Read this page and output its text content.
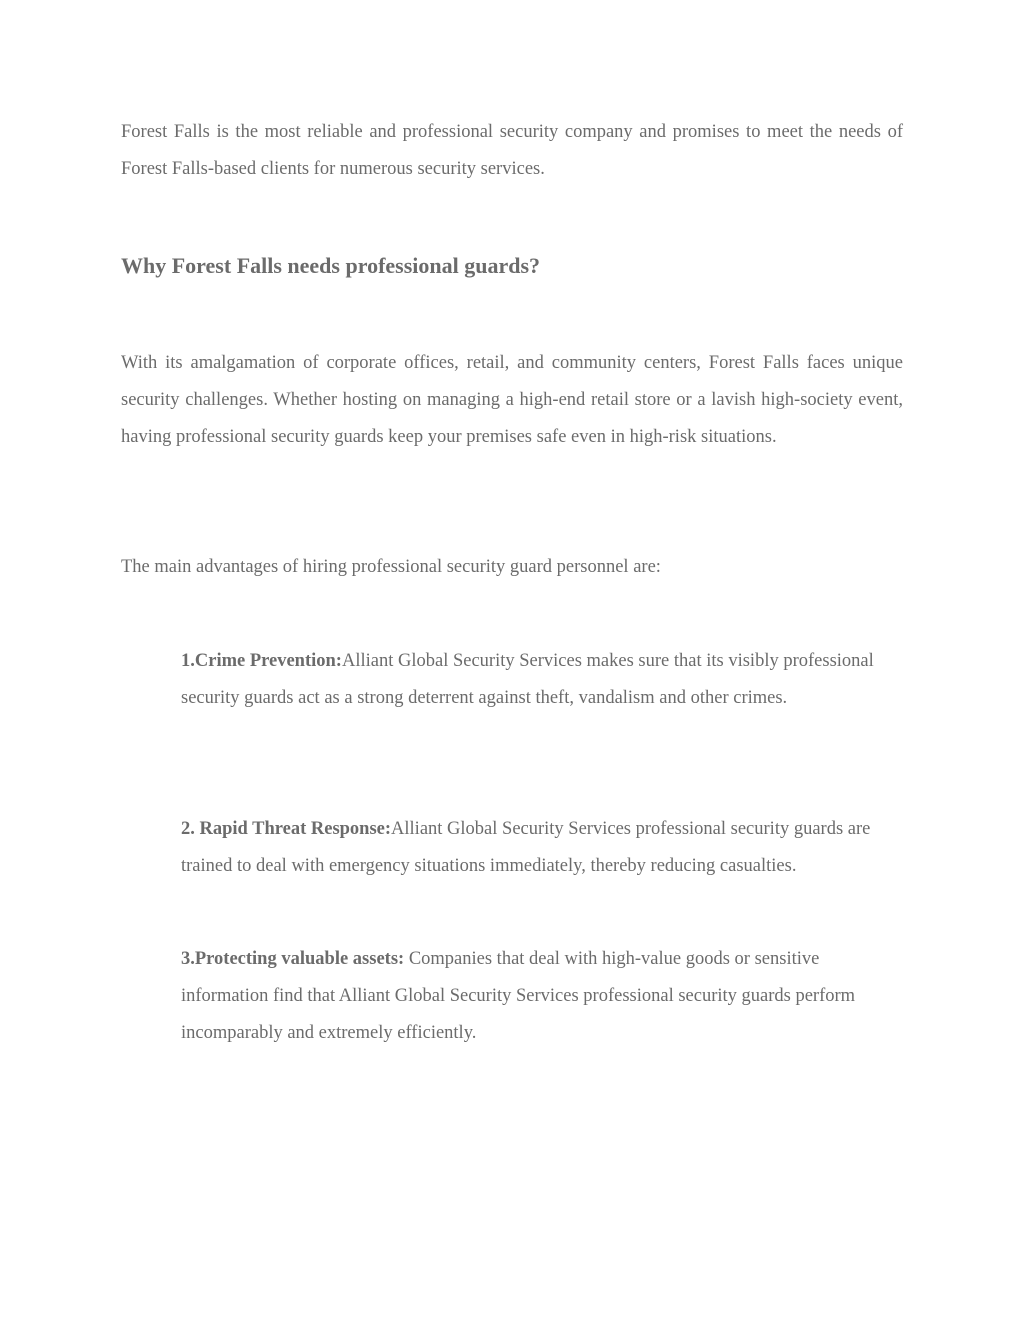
Forest Falls is the most reliable and professional security company and promises to meet the needs of Forest Falls-based clients for numerous security services.

Why Forest Falls needs professional guards?

With its amalgamation of corporate offices, retail, and community centers, Forest Falls faces unique security challenges. Whether hosting on managing a high-end retail store or a lavish high-society event, having professional security guards keep your premises safe even in high-risk situations.

The main advantages of hiring professional security guard personnel are:

1.Crime Prevention:Alliant Global Security Services makes sure that its visibly professional security guards act as a strong deterrent against theft, vandalism and other crimes.

2. Rapid Threat Response:Alliant Global Security Services professional security guards are trained to deal with emergency situations immediately, thereby reducing casualties.

3.Protecting valuable assets: Companies that deal with high-value goods or sensitive information find that Alliant Global Security Services professional security guards perform incomparably and extremely efficiently.
